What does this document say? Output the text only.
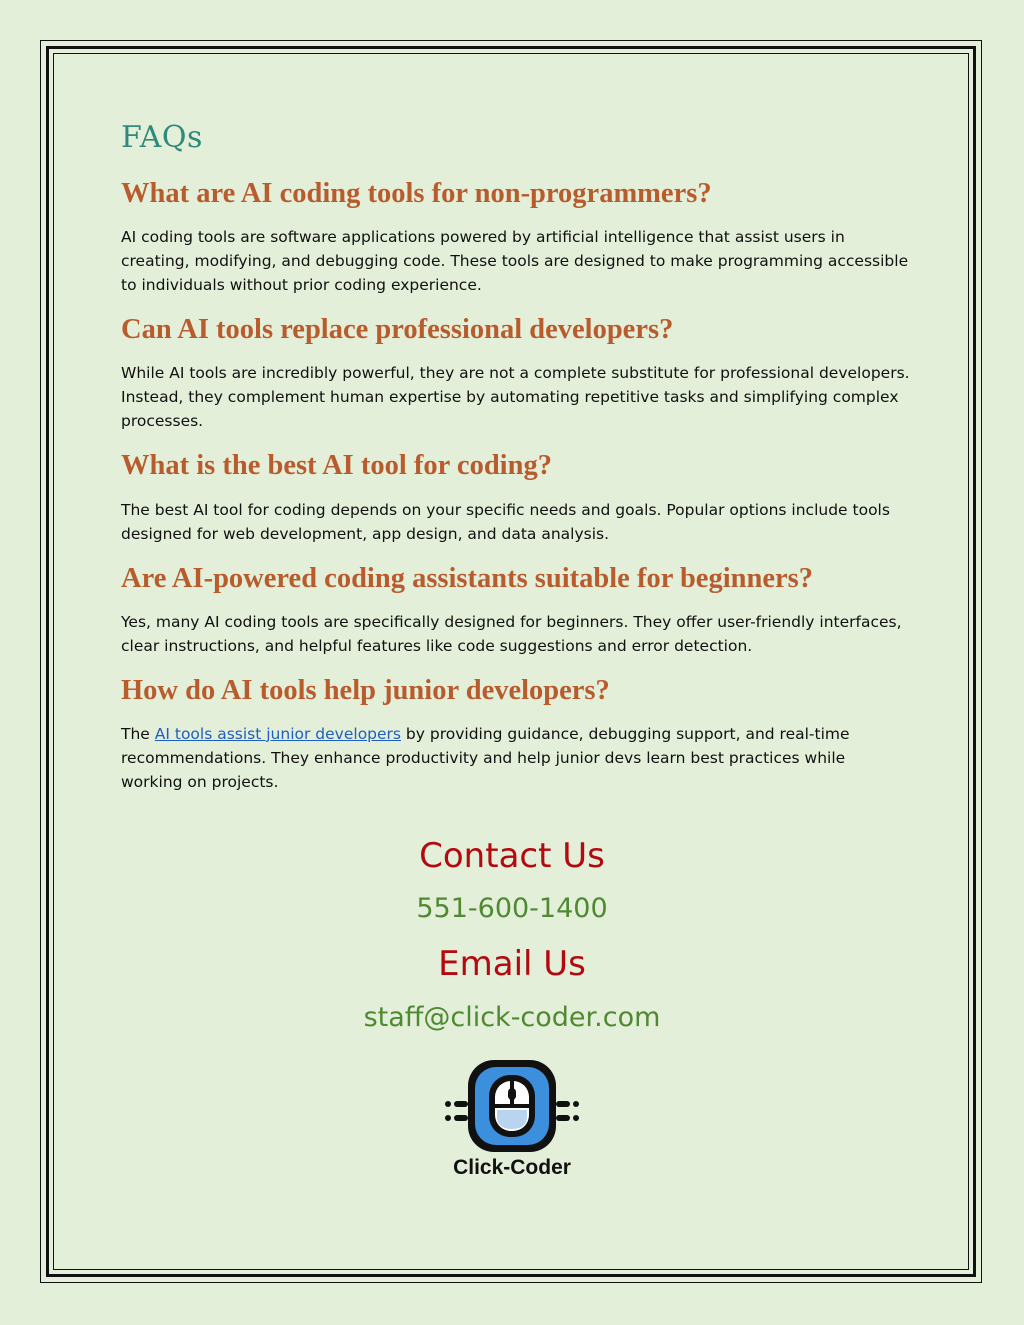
FAQs
What are AI coding tools for non-programmers?

AI coding tools are software applications powered by artificial intelligence that assist users in creating, modifying, and debugging code. These tools are designed to make programming accessible to individuals without prior coding experience.

Can AI tools replace professional developers?

While AI tools are incredibly powerful, they are not a complete substitute for professional developers. Instead, they complement human expertise by automating repetitive tasks and simplifying complex processes.

What is the best AI tool for coding?

The best AI tool for coding depends on your specific needs and goals. Popular options include tools designed for web development, app design, and data analysis.

Are AI-powered coding assistants suitable for beginners?

Yes, many AI coding tools are specifically designed for beginners. They offer user-friendly interfaces, clear instructions, and helpful features like code suggestions and error detection.

How do AI tools help junior developers?

The AI tools assist junior developers by providing guidance, debugging support, and real-time recommendations. They enhance productivity and help junior devs learn best practices while working on projects.

Contact Us
551-600-1400
Email Us
staff@click-coder.com
Click-Coder
